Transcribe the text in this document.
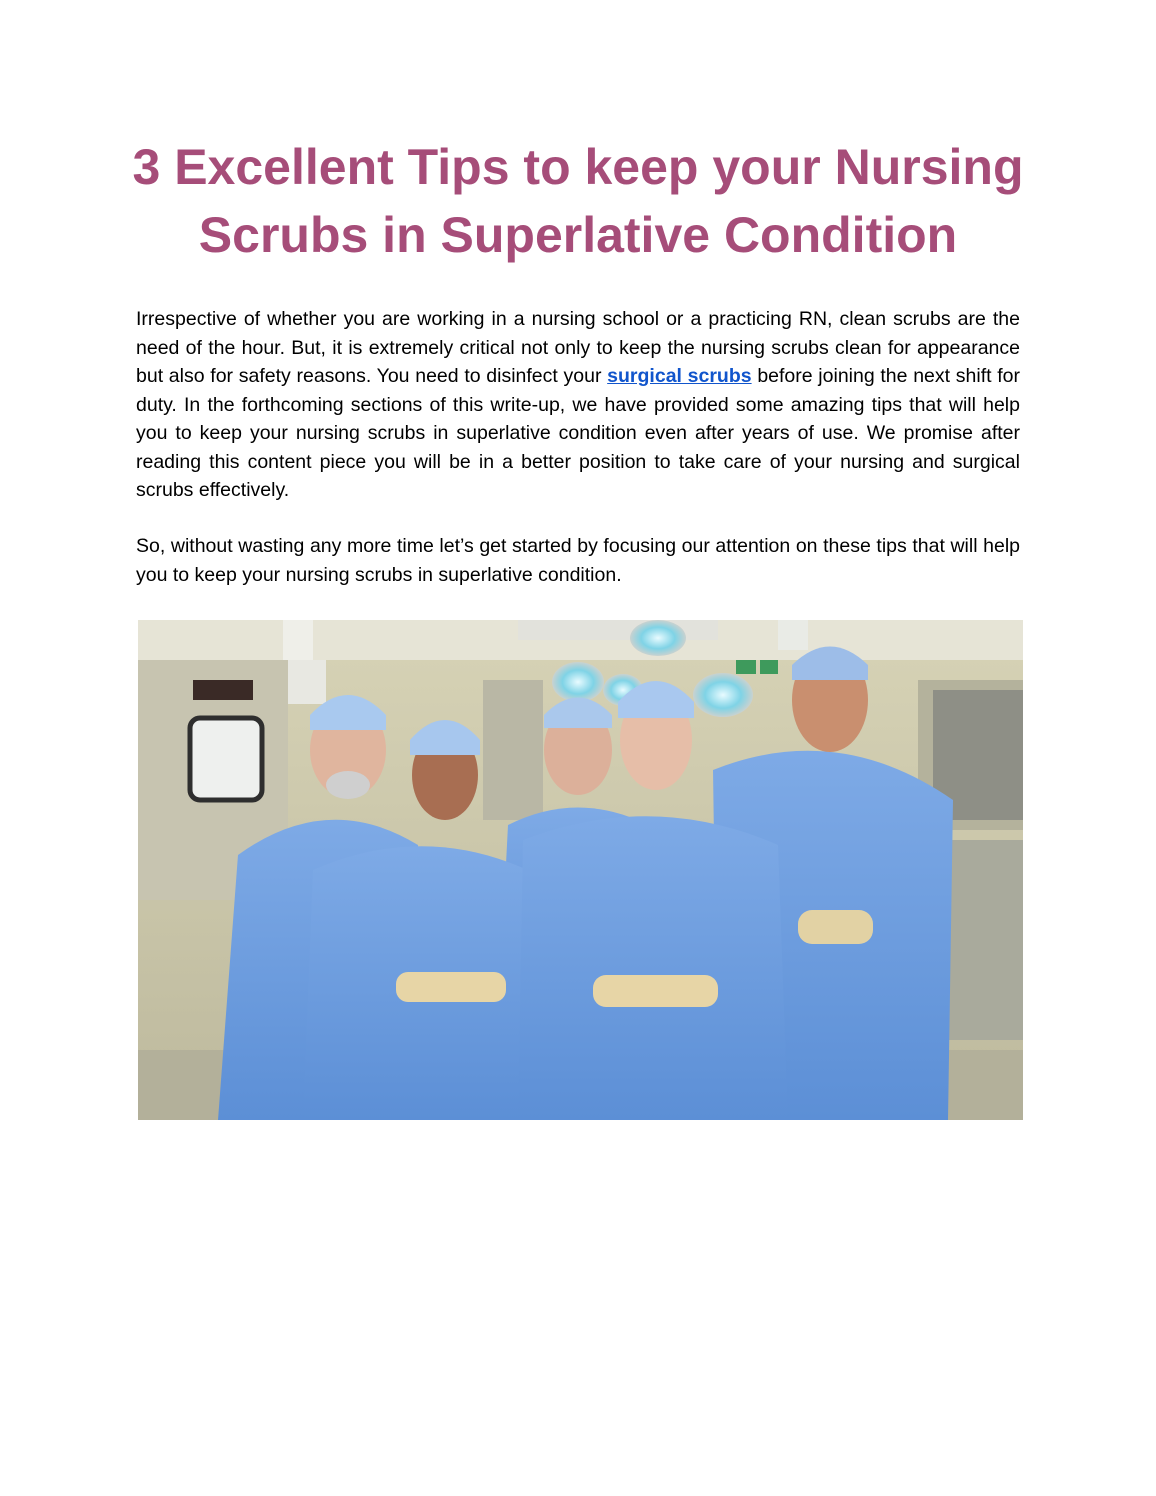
3 Excellent Tips to keep your Nursing
Scrubs in Superlative Condition

Irrespective of whether you are working in a nursing school or a practicing RN, clean scrubs are the need of the hour. But, it is extremely critical not only to keep the nursing scrubs clean for appearance but also for safety reasons. You need to disinfect your surgical scrubs before joining the next shift for duty. In the forthcoming sections of this write-up, we have provided some amazing tips that will help you to keep your nursing scrubs in superlative condition even after years of use. We promise after reading this content piece you will be in a better position to take care of your nursing and surgical scrubs effectively.

So, without wasting any more time let’s get started by focusing our attention on these tips that will help you to keep your nursing scrubs in superlative condition.
